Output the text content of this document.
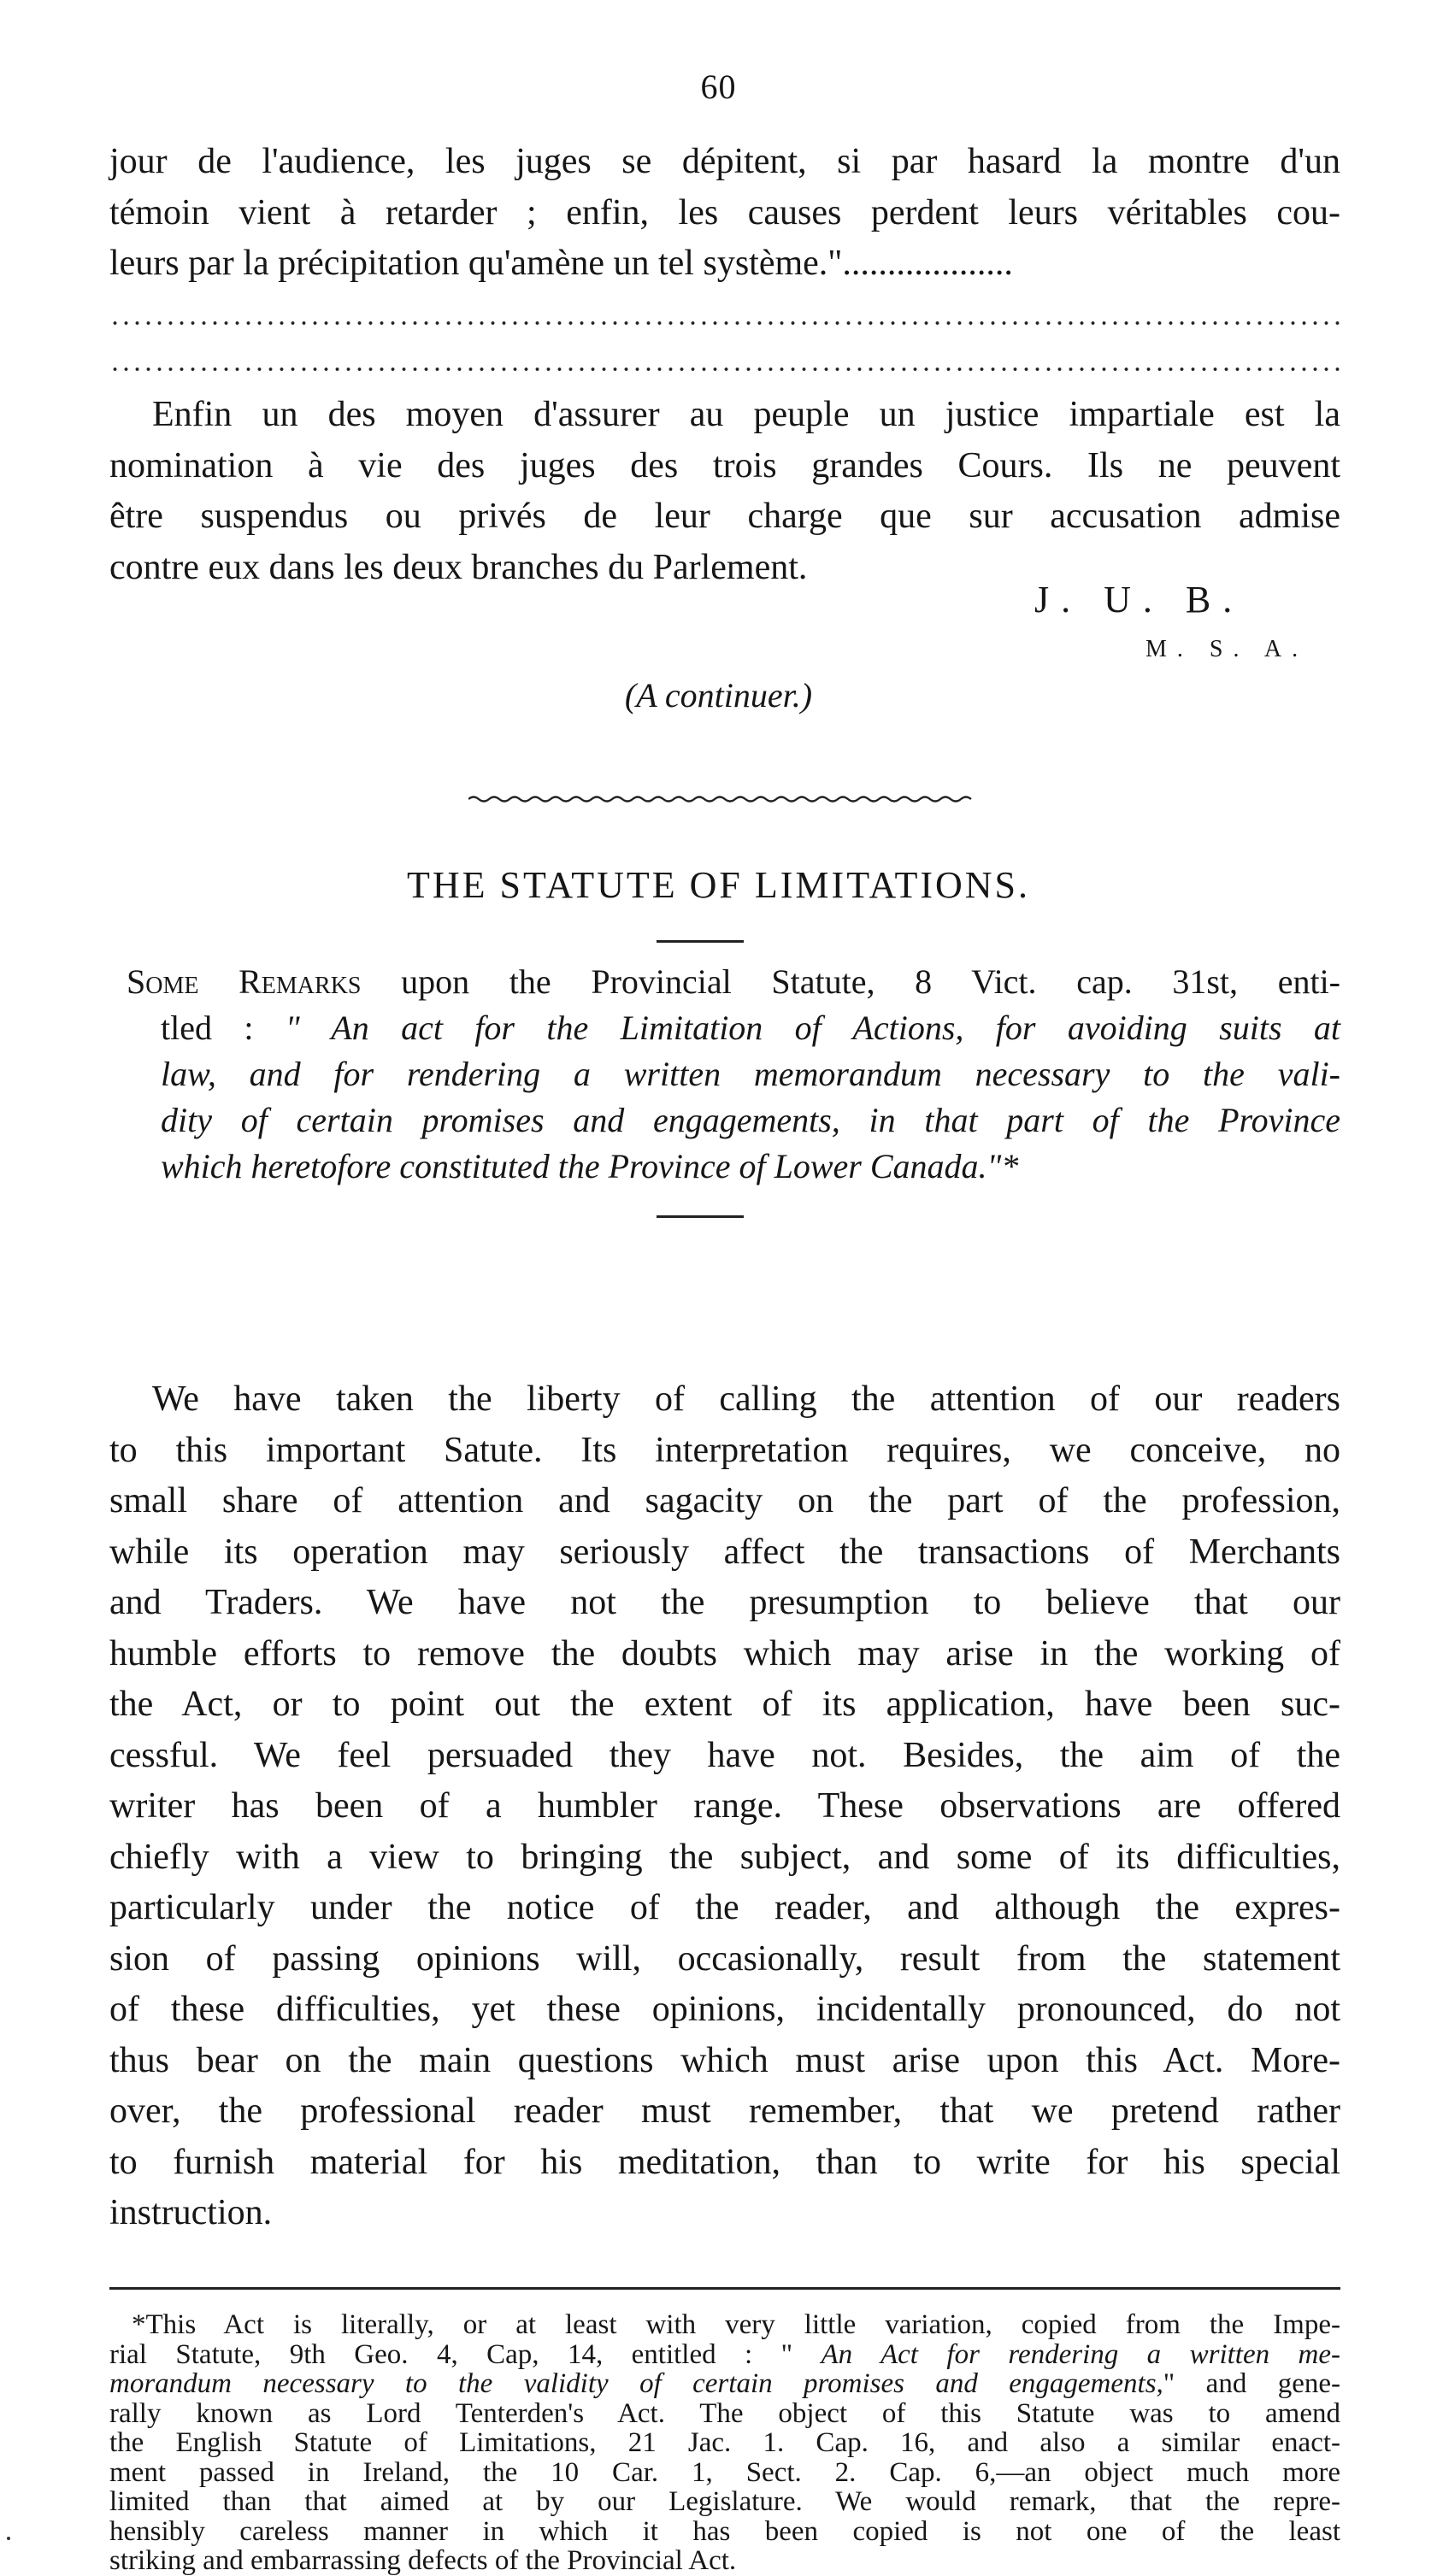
60
jour de l'audience, les juges se dépitent, si par hasard la montre d'un
témoin vient à retarder ; enfin, les causes perdent leurs véritables cou-
leurs par la précipitation qu'amène un tel système."...................
Enfin un des moyen d'assurer au peuple un justice impartiale est la
nomination à vie des juges des trois grandes Cours. Ils ne peuvent
être suspendus ou privés de leur charge que sur accusation admise
contre eux dans les deux branches du Parlement.
J. U. B.
M. S. A.
(A continuer.)
THE STATUTE OF LIMITATIONS.
Some Remarks upon the Provincial Statute, 8 Vict. cap. 31st, enti-
tled : " An act for the Limitation of Actions, for avoiding suits at
law, and for rendering a written memorandum necessary to the vali-
dity of certain promises and engagements, in that part of the Province
which heretofore constituted the Province of Lower Canada."*
We have taken the liberty of calling the attention of our readers
to this important Satute. Its interpretation requires, we conceive, no
small share of attention and sagacity on the part of the profession,
while its operation may seriously affect the transactions of Merchants
and Traders. We have not the presumption to believe that our
humble efforts to remove the doubts which may arise in the working of
the Act, or to point out the extent of its application, have been suc-
cessful. We feel persuaded they have not. Besides, the aim of the
writer has been of a humbler range. These observations are offered
chiefly with a view to bringing the subject, and some of its difficulties,
particularly under the notice of the reader, and although the expres-
sion of passing opinions will, occasionally, result from the statement
of these difficulties, yet these opinions, incidentally pronounced, do not
thus bear on the main questions which must arise upon this Act. More-
over, the professional reader must remember, that we pretend rather
to furnish material for his meditation, than to write for his special
instruction.
*This Act is literally, or at least with very little variation, copied from the Impe-
rial Statute, 9th Geo. 4, Cap, 14, entitled : " An Act for rendering a written me-
morandum necessary to the validity of certain promises and engagements," and gene-
rally known as Lord Tenterden's Act. The object of this Statute was to amend
the English Statute of Limitations, 21 Jac. 1. Cap. 16, and also a similar enact-
ment passed in Ireland, the 10 Car. 1, Sect. 2. Cap. 6,—an object much more
limited than that aimed at by our Legislature. We would remark, that the repre-
hensibly careless manner in which it has been copied is not one of the least
striking and embarrassing defects of the Provincial Act.
